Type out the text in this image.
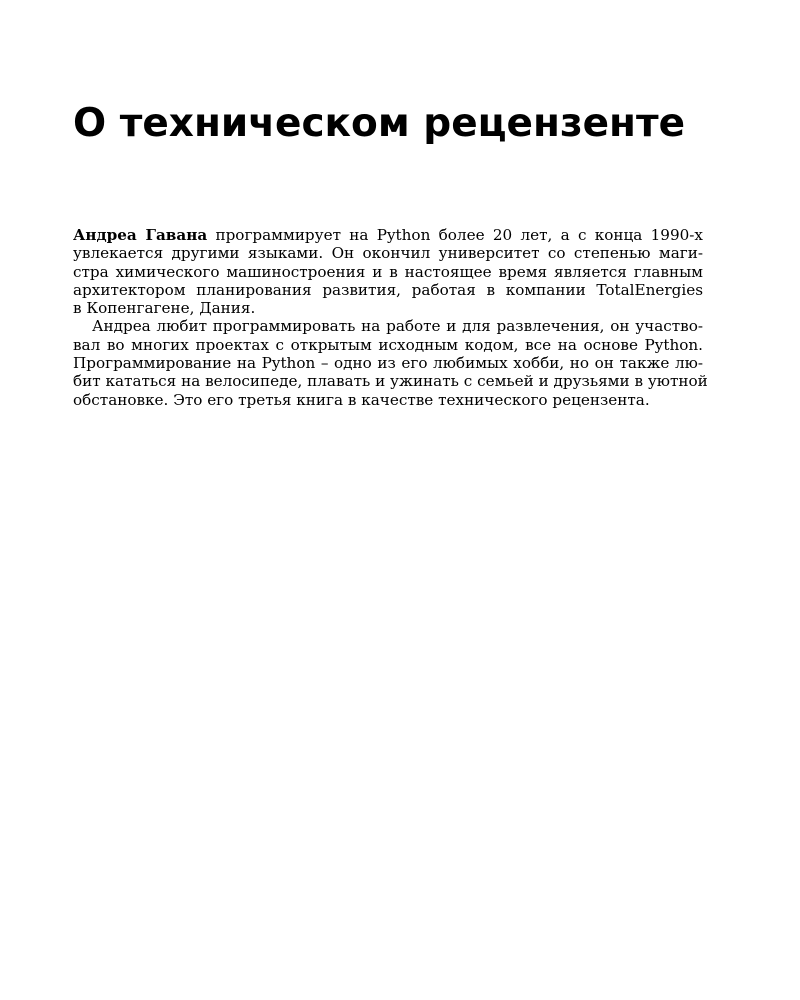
О техническом рецензенте
Андреа Гавана программирует на Python более 20 лет, а с конца 1990-х
увлекается другими языками. Он окончил университет со степенью маги-
стра химического машиностроения и в настоящее время является главным
архитектором планирования развития, работая в компании TotalEnergies
в Копенгагене, Дания.
Андреа любит программировать на работе и для развлечения, он участво-
вал во многих проектах с открытым исходным кодом, все на основе Python.
Программирование на Python – одно из его любимых хобби, но он также лю-
бит кататься на велосипеде, плавать и ужинать с семьей и друзьями в уютной
обстановке. Это его третья книга в качестве технического рецензента.
